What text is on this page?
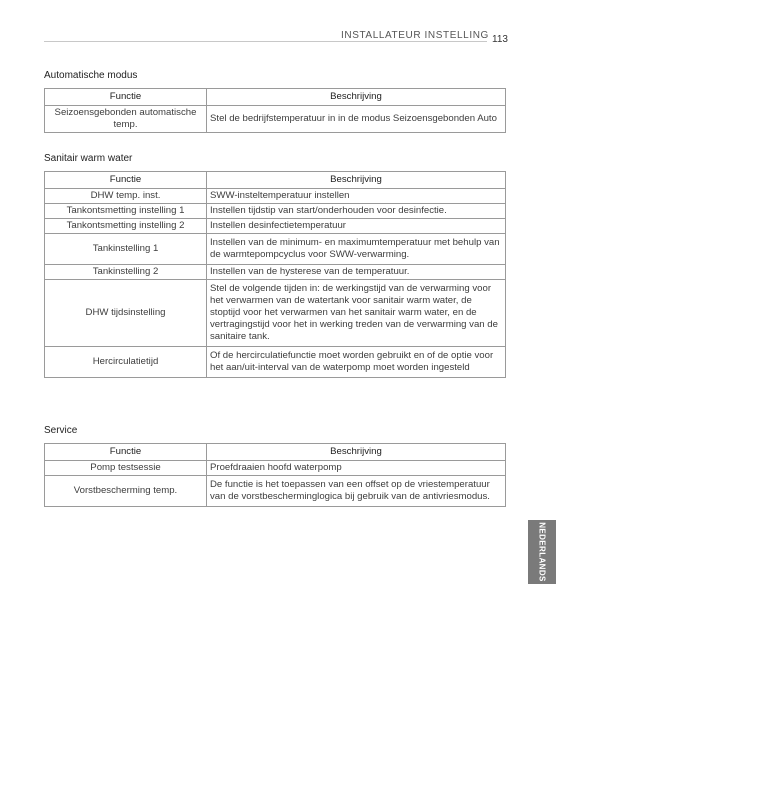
INSTALLATEUR INSTELLING 113
Automatische modus
Functie	Beschrijving
Seizoensgebonden automatische temp.	Stel de bedrijfstemperatuur in in de modus Seizoensgebonden Auto
Sanitair warm water
Functie	Beschrijving
DHW temp. inst.	SWW-insteltemperatuur instellen
Tankontsmetting instelling 1	Instellen tijdstip van start/onderhouden voor desinfectie.
Tankontsmetting instelling 2	Instellen desinfectietemperatuur
Tankinstelling 1	Instellen van de minimum- en maximumtemperatuur met behulp van de warmtepompcyclus voor SWW-verwarming.
Tankinstelling 2	Instellen van de hysterese van de temperatuur.
DHW tijdsinstelling	Stel de volgende tijden in: de werkingstijd van de verwarming voor het verwarmen van de watertank voor sanitair warm water, de stoptijd voor het verwarmen van het sanitair warm water, en de vertragingstijd voor het in werking treden van de verwarming van de sanitaire tank.
Hercirculatietijd	Of de hercirculatiefunctie moet worden gebruikt en of de optie voor het aan/uit-interval van de waterpomp moet worden ingesteld
Service
Functie	Beschrijving
Pomp testsessie	Proefdraaien hoofd waterpomp
Vorstbescherming temp.	De functie is het toepassen van een offset op de vriestemperatuur van de vorstbescherminglogica bij gebruik van de antivriesmodus.
NEDERLANDS
